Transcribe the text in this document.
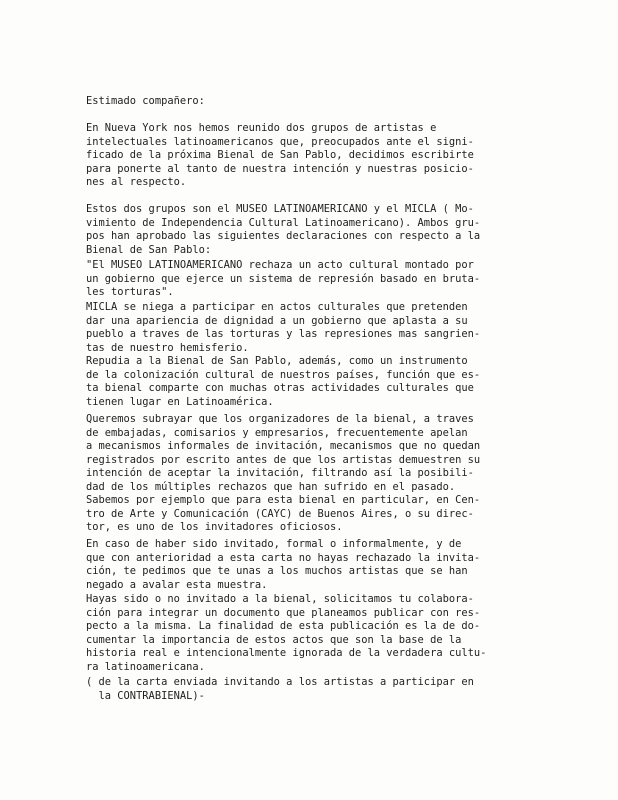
Estimado compañero:
En Nueva York nos hemos reunido dos grupos de artistas e
intelectuales latinoamericanos que, preocupados ante el signi-
ficado de la próxima Bienal de San Pablo, decidimos escribirte
para ponerte al tanto de nuestra intención y nuestras posicio-
nes al respecto.
Estos dos grupos son el MUSEO LATINOAMERICANO y el MICLA ( Mo-
vimiento de Independencia Cultural Latinoamericano). Ambos gru-
pos han aprobado las siguientes declaraciones con respecto a la
Bienal de San Pablo:
"El MUSEO LATINOAMERICANO rechaza un acto cultural montado por
un gobierno que ejerce un sistema de represión basado en bruta-
les torturas".
MICLA se niega a participar en actos culturales que pretenden
dar una apariencia de dignidad a un gobierno que aplasta a su
pueblo a traves de las torturas y las represiones mas sangrien-
tas de nuestro hemisferio.
Repudia a la Bienal de San Pablo, además, como un instrumento
de la colonización cultural de nuestros países, función que es-
ta bienal comparte con muchas otras actividades culturales que
tienen lugar en Latinoamérica.
Queremos subrayar que los organizadores de la bienal, a traves
de embajadas, comisarios y empresarios, frecuentemente apelan
a mecanismos informales de invitación, mecanismos que no quedan
registrados por escrito antes de que los artistas demuestren su
intención de aceptar la invitación, filtrando así la posibili-
dad de los múltiples rechazos que han sufrido en el pasado.
Sabemos por ejemplo que para esta bienal en particular, en Cen-
tro de Arte y Comunicación (CAYC) de Buenos Aires, o su direc-
tor, es uno de los invitadores oficiosos.
En caso de haber sido invitado, formal o informalmente, y de
que con anterioridad a esta carta no hayas rechazado la invita-
ción, te pedimos que te unas a los muchos artistas que se han
negado a avalar esta muestra.
Hayas sido o no invitado a la bienal, solicitamos tu colabora-
ción para integrar un documento que planeamos publicar con res-
pecto a la misma. La finalidad de esta publicación es la de do-
cumentar la importancia de estos actos que son la base de la
historia real e intencionalmente ignorada de la verdadera cultu-
ra latinoamericana.
( de la carta enviada invitando a los artistas a participar en
la CONTRABIENAL)-
